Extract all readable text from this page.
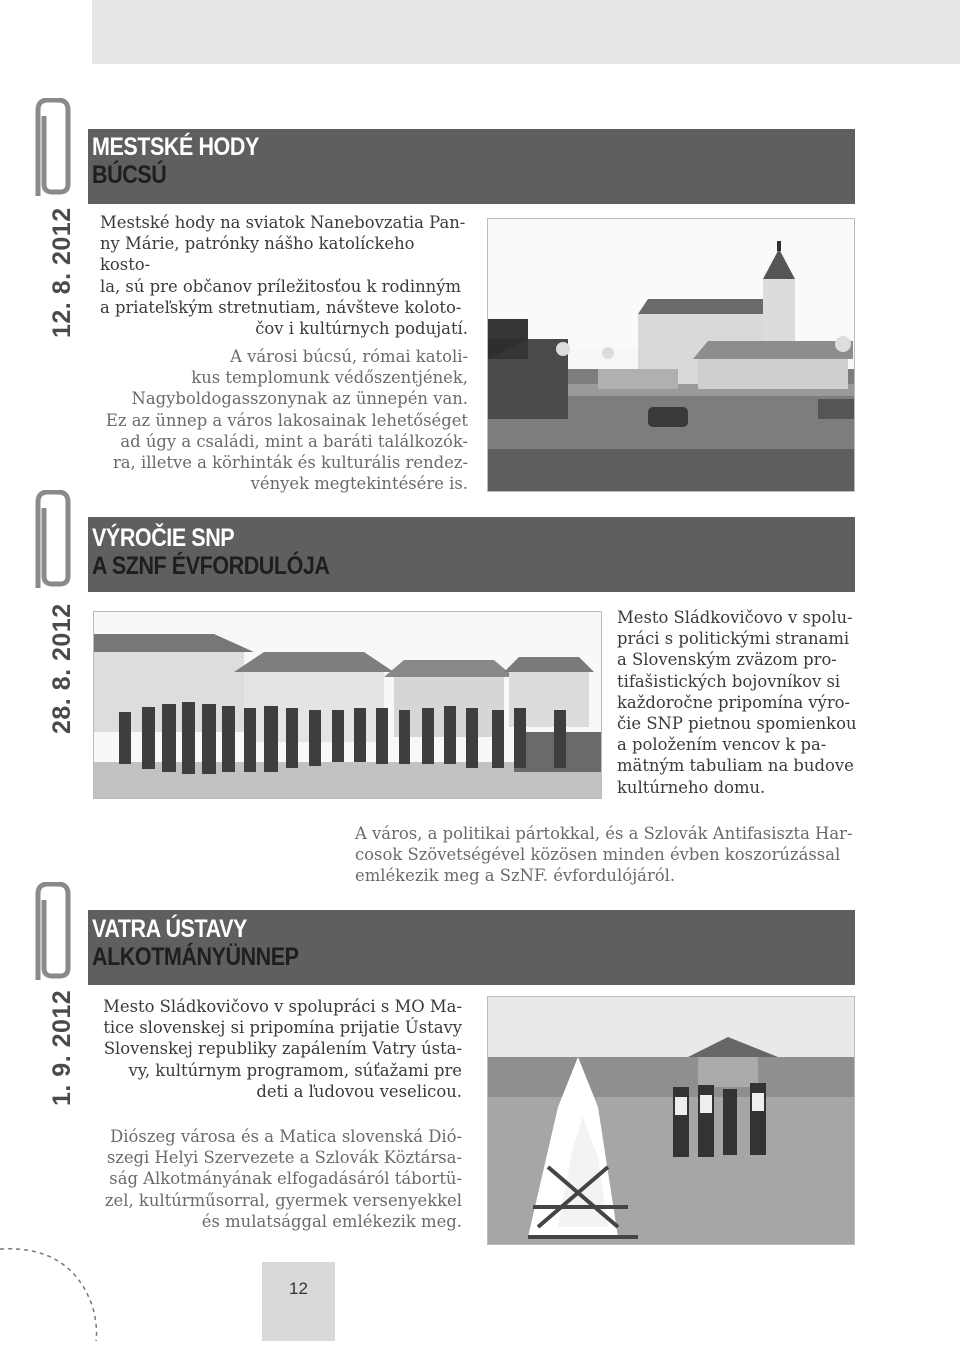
MESTSKÉ HODY
BÚCSÚ
12. 8. 2012 Mestské hody na sviatok Nanebovzatia Pan-
ny Márie, patrónky nášho katolíckeho kosto-
la, sú pre občanov príležitosťou k rodinným
a priateľským stretnutiam, návšteve koloto-
čov i kultúrnych podujatí.
A városi búcsú, római katoli-
kus templomunk védőszentjének,
Nagyboldogasszonynak az ünnepén van.
Ez az ünnep a város lakosainak lehetőséget
ad úgy a családi, mint a baráti találkozók-
ra, illetve a körhinták és kulturális rendez-
vények megtekintésére is.
VÝROČIE SNP
A SZNF ÉVFORDULÓJA
28. 8. 2012	Mesto Sládkovičovo v spolu-
práci s politickými stranami
a Slovenským zväzom pro-
tifašistických bojovníkov si
každoročne pripomína výro-
čie SNP pietnou spomienkou
a položením vencov k pa-
mätným tabuliam na budove
kultúrneho domu.
A város, a politikai pártokkal, és a Szlovák Antifasiszta Har-
cosok Szövetségével közösen minden évben koszorúzással
emlékezik meg a SzNF. évfordulójáról.
VATRA ÚSTAVY
ALKOTMÁNYÜNNEP
1. 9. 2012 Mesto Sládkovičovo v spolupráci s MO Ma-
tice slovenskej si pripomína prijatie Ústavy
Slovenskej republiky zapálením Vatry ústa-
vy, kultúrnym programom, súťažami pre
deti a ľudovou veselicou.
Diószeg városa és a Matica slovenská Dió-
szegi Helyi Szervezete a Szlovák Köztársa-
ság Alkotmányának elfogadásáról tábortü-
zel, kultúrműsorral, gyermek versenyekkel
és mulatsággal emlékezik meg.
12
